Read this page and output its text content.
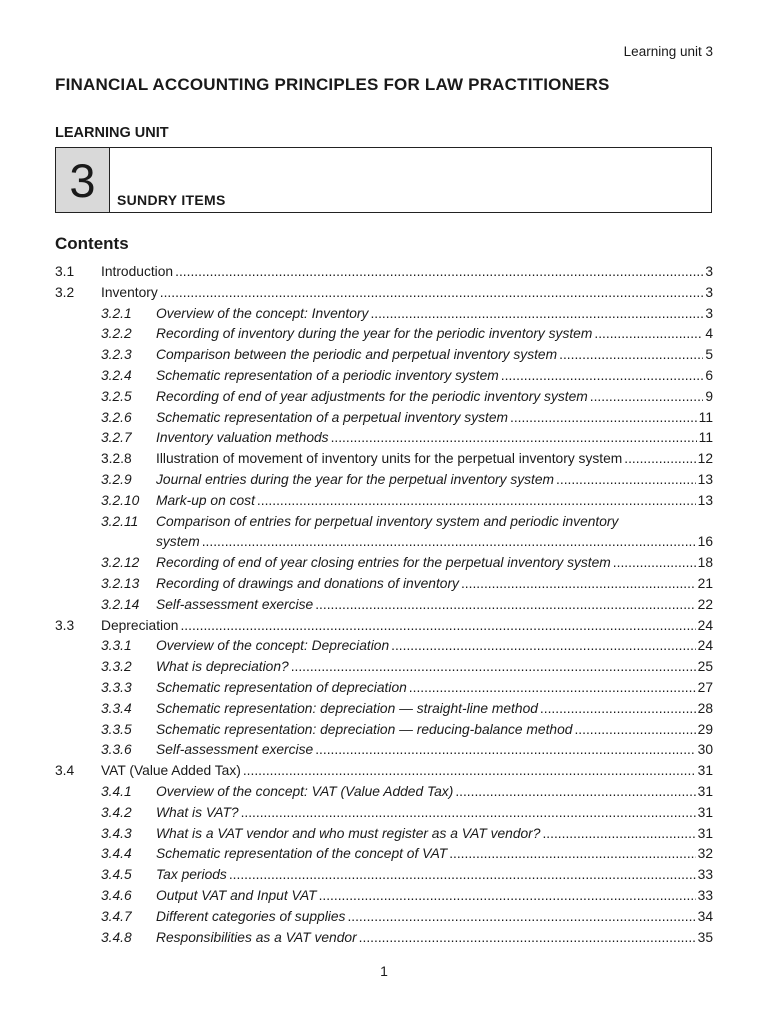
Learning unit 3
FINANCIAL ACCOUNTING PRINCIPLES FOR LAW PRACTITIONERS
LEARNING UNIT
3	SUNDRY ITEMS
Contents
3.1	Introduction .....	3
3.2	Inventory .....	3
3.2.1	Overview of the concept: Inventory .....	3
3.2.2	Recording of inventory during the year for the periodic inventory system .....	4
3.2.3	Comparison between the periodic and perpetual inventory system .....	5
3.2.4	Schematic representation of a periodic inventory system .....	6
3.2.5	Recording of end of year adjustments for the periodic inventory system .....	9
3.2.6	Schematic representation of a perpetual inventory system .....	11
3.2.7	Inventory valuation methods .....	11
3.2.8	Illustration of movement of inventory units for the perpetual inventory system .....	12
3.2.9	Journal entries during the year for the perpetual inventory system .....	13
3.2.10	Mark-up on cost .....	13
3.2.11	Comparison of entries for perpetual inventory system and periodic inventory
system .....	16
3.2.12	Recording of end of year closing entries for the perpetual inventory system .....	18
3.2.13	Recording of drawings and donations of inventory .....	21
3.2.14	Self-assessment exercise .....	22
3.3	Depreciation .....	24
3.3.1	Overview of the concept: Depreciation .....	24
3.3.2	What is depreciation? .....	25
3.3.3	Schematic representation of depreciation .....	27
3.3.4	Schematic representation: depreciation — straight-line method .....	28
3.3.5	Schematic representation: depreciation — reducing-balance method .....	29
3.3.6	Self-assessment exercise .....	30
3.4	VAT (Value Added Tax) .....	31
3.4.1	Overview of the concept: VAT (Value Added Tax) .....	31
3.4.2	What is VAT? .....	31
3.4.3	What is a VAT vendor and who must register as a VAT vendor? .....	31
3.4.4	Schematic representation of the concept of VAT .....	32
3.4.5	Tax periods .....	33
3.4.6	Output VAT and Input VAT .....	33
3.4.7	Different categories of supplies .....	34
3.4.8	Responsibilities as a VAT vendor .....	35
1
